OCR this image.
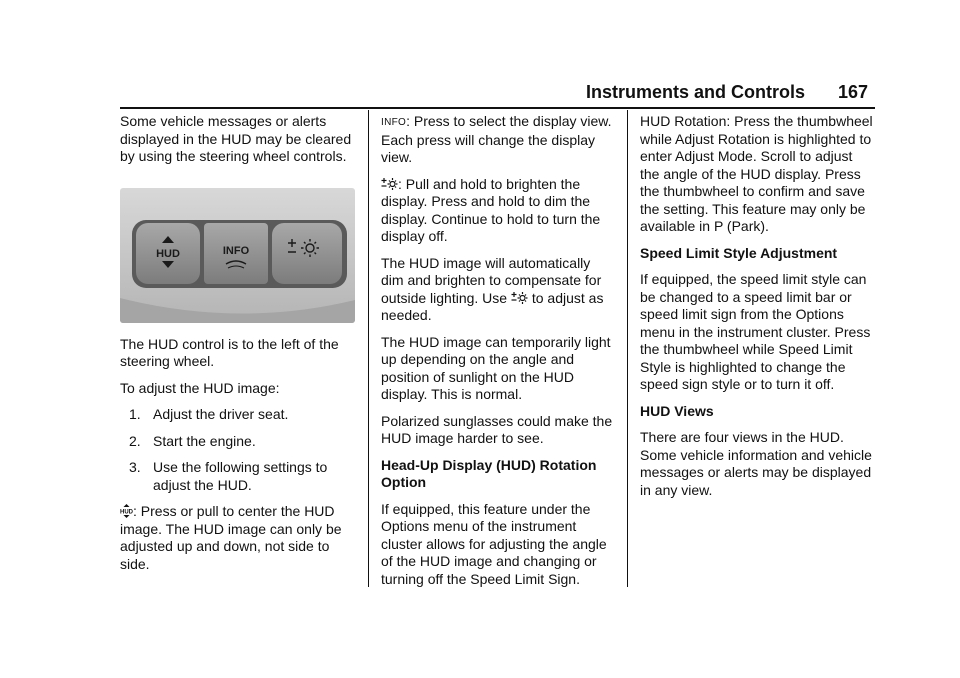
Instruments and Controls 167

Some vehicle messages or alerts displayed in the HUD may be cleared by using the steering wheel controls.

HUD	INFO

The HUD control is to the left of the steering wheel.

To adjust the HUD image:

1. Adjust the driver seat.
2. Start the engine.
3. Use the following settings to adjust the HUD.

HUD : Press or pull to center the HUD image. The HUD image can only be adjusted up and down, not side to side.

INFO: Press to select the display view. Each press will change the display view.

: Pull and hold to brighten the display. Press and hold to dim the display. Continue to hold to turn the display off.

The HUD image will automatically dim and brighten to compensate for outside lighting. Use to adjust as needed.

The HUD image can temporarily light up depending on the angle and position of sunlight on the HUD display. This is normal.

Polarized sunglasses could make the HUD image harder to see.

Head-Up Display (HUD) Rotation Option

If equipped, this feature under the Options menu of the instrument cluster allows for adjusting the angle of the HUD image and changing or turning off the Speed Limit Sign.

HUD Rotation: Press the thumbwheel while Adjust Rotation is highlighted to enter Adjust Mode. Scroll to adjust the angle of the HUD display. Press the thumbwheel to confirm and save the setting. This feature may only be available in P (Park).

Speed Limit Style Adjustment

If equipped, the speed limit style can be changed to a speed limit bar or speed limit sign from the Options menu in the instrument cluster. Press the thumbwheel while Speed Limit Style is highlighted to change the speed sign style or to turn it off.

HUD Views

There are four views in the HUD. Some vehicle information and vehicle messages or alerts may be displayed in any view.
